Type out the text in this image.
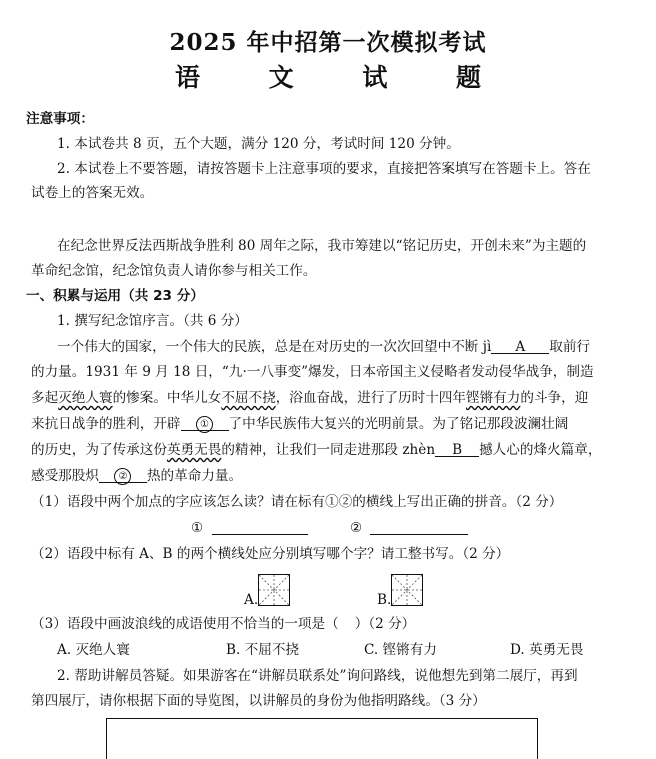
2025 年中招第一次模拟考试
语 文 试 题
注意事项：
1. 本试卷共 8 页，五个大题，满分 120 分，考试时间 120 分钟。
2. 本试卷上不要答题，请按答题卡上注意事项的要求，直接把答案填写在答题卡上。答在
试卷上的答案无效。
在纪念世界反法西斯战争胜利 80 周年之际，我市筹建以“铭记历史，开创未来”为主题的
革命纪念馆，纪念馆负责人请你参与相关工作。
一、积累与运用（共 23 分）
1. 撰写纪念馆序言。（共 6 分）
一个伟大的国家，一个伟大的民族，总是在对历史的一次次回望中不断 jì A 取前行
的力量。1931 年 9 月 18 日，“九·一八事变”爆发，日本帝国主义侵略者发动侵华战争，制造
多起灭绝人寰的惨案。中华儿女不屈不挠，浴血奋战，进行了历时十四年铿锵有力的斗争，迎
来抗日战争的胜利，开辟 ① 了中华民族伟大复兴的光明前景。为了铭记那段波澜壮阔
的历史，为了传承这份英勇无畏的精神，让我们一同走进那段 zhèn B 撼人心的烽火篇章，
感受那股炽 ② 热的革命力量。
（1）语段中两个加点的字应该怎么读？请在标有①②的横线上写出正确的拼音。（2 分）
①	②
（2）语段中标有 A、B 的两个横线处应分别填写哪个字？请工整书写。（2 分）
A.	B.
（3）语段中画波浪线的成语使用不恰当的一项是（ ）（2 分）
A. 灭绝人寰	B. 不屈不挠	C. 铿锵有力	D. 英勇无畏
2. 帮助讲解员答疑。如果游客在“讲解员联系处”询问路线，说他想先到第二展厅，再到
第四展厅，请你根据下面的导览图，以讲解员的身份为他指明路线。（3 分）
